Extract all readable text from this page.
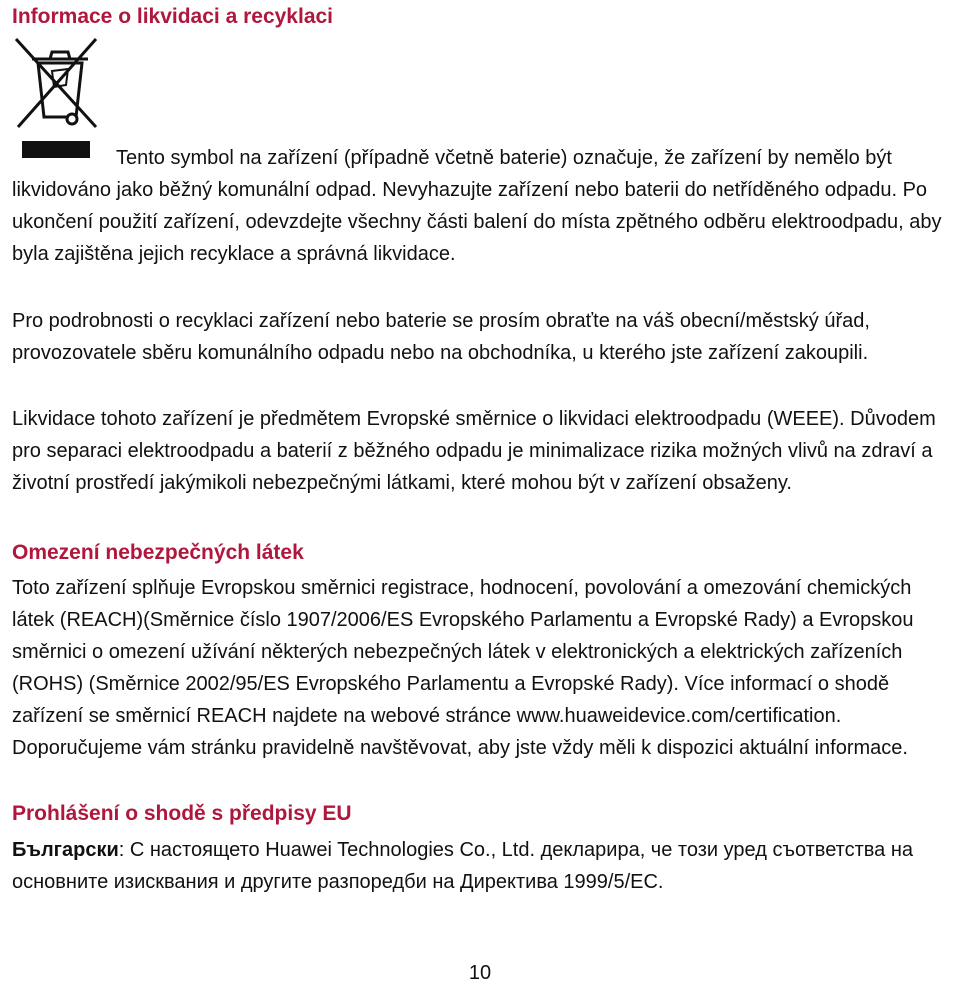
Informace o likvidaci a recyklaci

Tento symbol na zařízení (případně včetně baterie) označuje, že zařízení by nemělo být likvidováno jako běžný komunální odpad. Nevyhazujte zařízení nebo baterii do netříděného odpadu. Po ukončení použití zařízení, odevzdejte všechny části balení do místa zpětného odběru elektroodpadu, aby byla zajištěna jejich recyklace a správná likvidace.

Pro podrobnosti o recyklaci zařízení nebo baterie se prosím obraťte na váš obecní/městský úřad, provozovatele sběru komunálního odpadu nebo na obchodníka, u kterého jste zařízení zakoupili.

Likvidace tohoto zařízení je předmětem Evropské směrnice o likvidaci elektroodpadu (WEEE). Důvodem pro separaci elektroodpadu a baterií z běžného odpadu je minimalizace rizika možných vlivů na zdraví a životní prostředí jakýmikoli nebezpečnými látkami, které mohou být v zařízení obsaženy.

Omezení nebezpečných látek

Toto zařízení splňuje Evropskou směrnici registrace, hodnocení, povolování a omezování chemických látek (REACH)(Směrnice číslo 1907/2006/ES Evropského Parlamentu a Evropské Rady) a Evropskou směrnici o omezení užívání některých nebezpečných látek v elektronických a elektrických zařízeních (ROHS) (Směrnice 2002/95/ES Evropského Parlamentu a Evropské Rady). Více informací o shodě zařízení se směrnicí REACH najdete na webové stránce www.huaweidevice.com/certification. Doporučujeme vám stránku pravidelně navštěvovat, aby jste vždy měli k dispozici aktuální informace.

Prohlášení o shodě s předpisy EU

Български: С настоящето Huawei Technologies Co., Ltd. декларира, че този уред съответства на основните изисквания и другите разпоредби на Директива 1999/5/ЕС.

10
